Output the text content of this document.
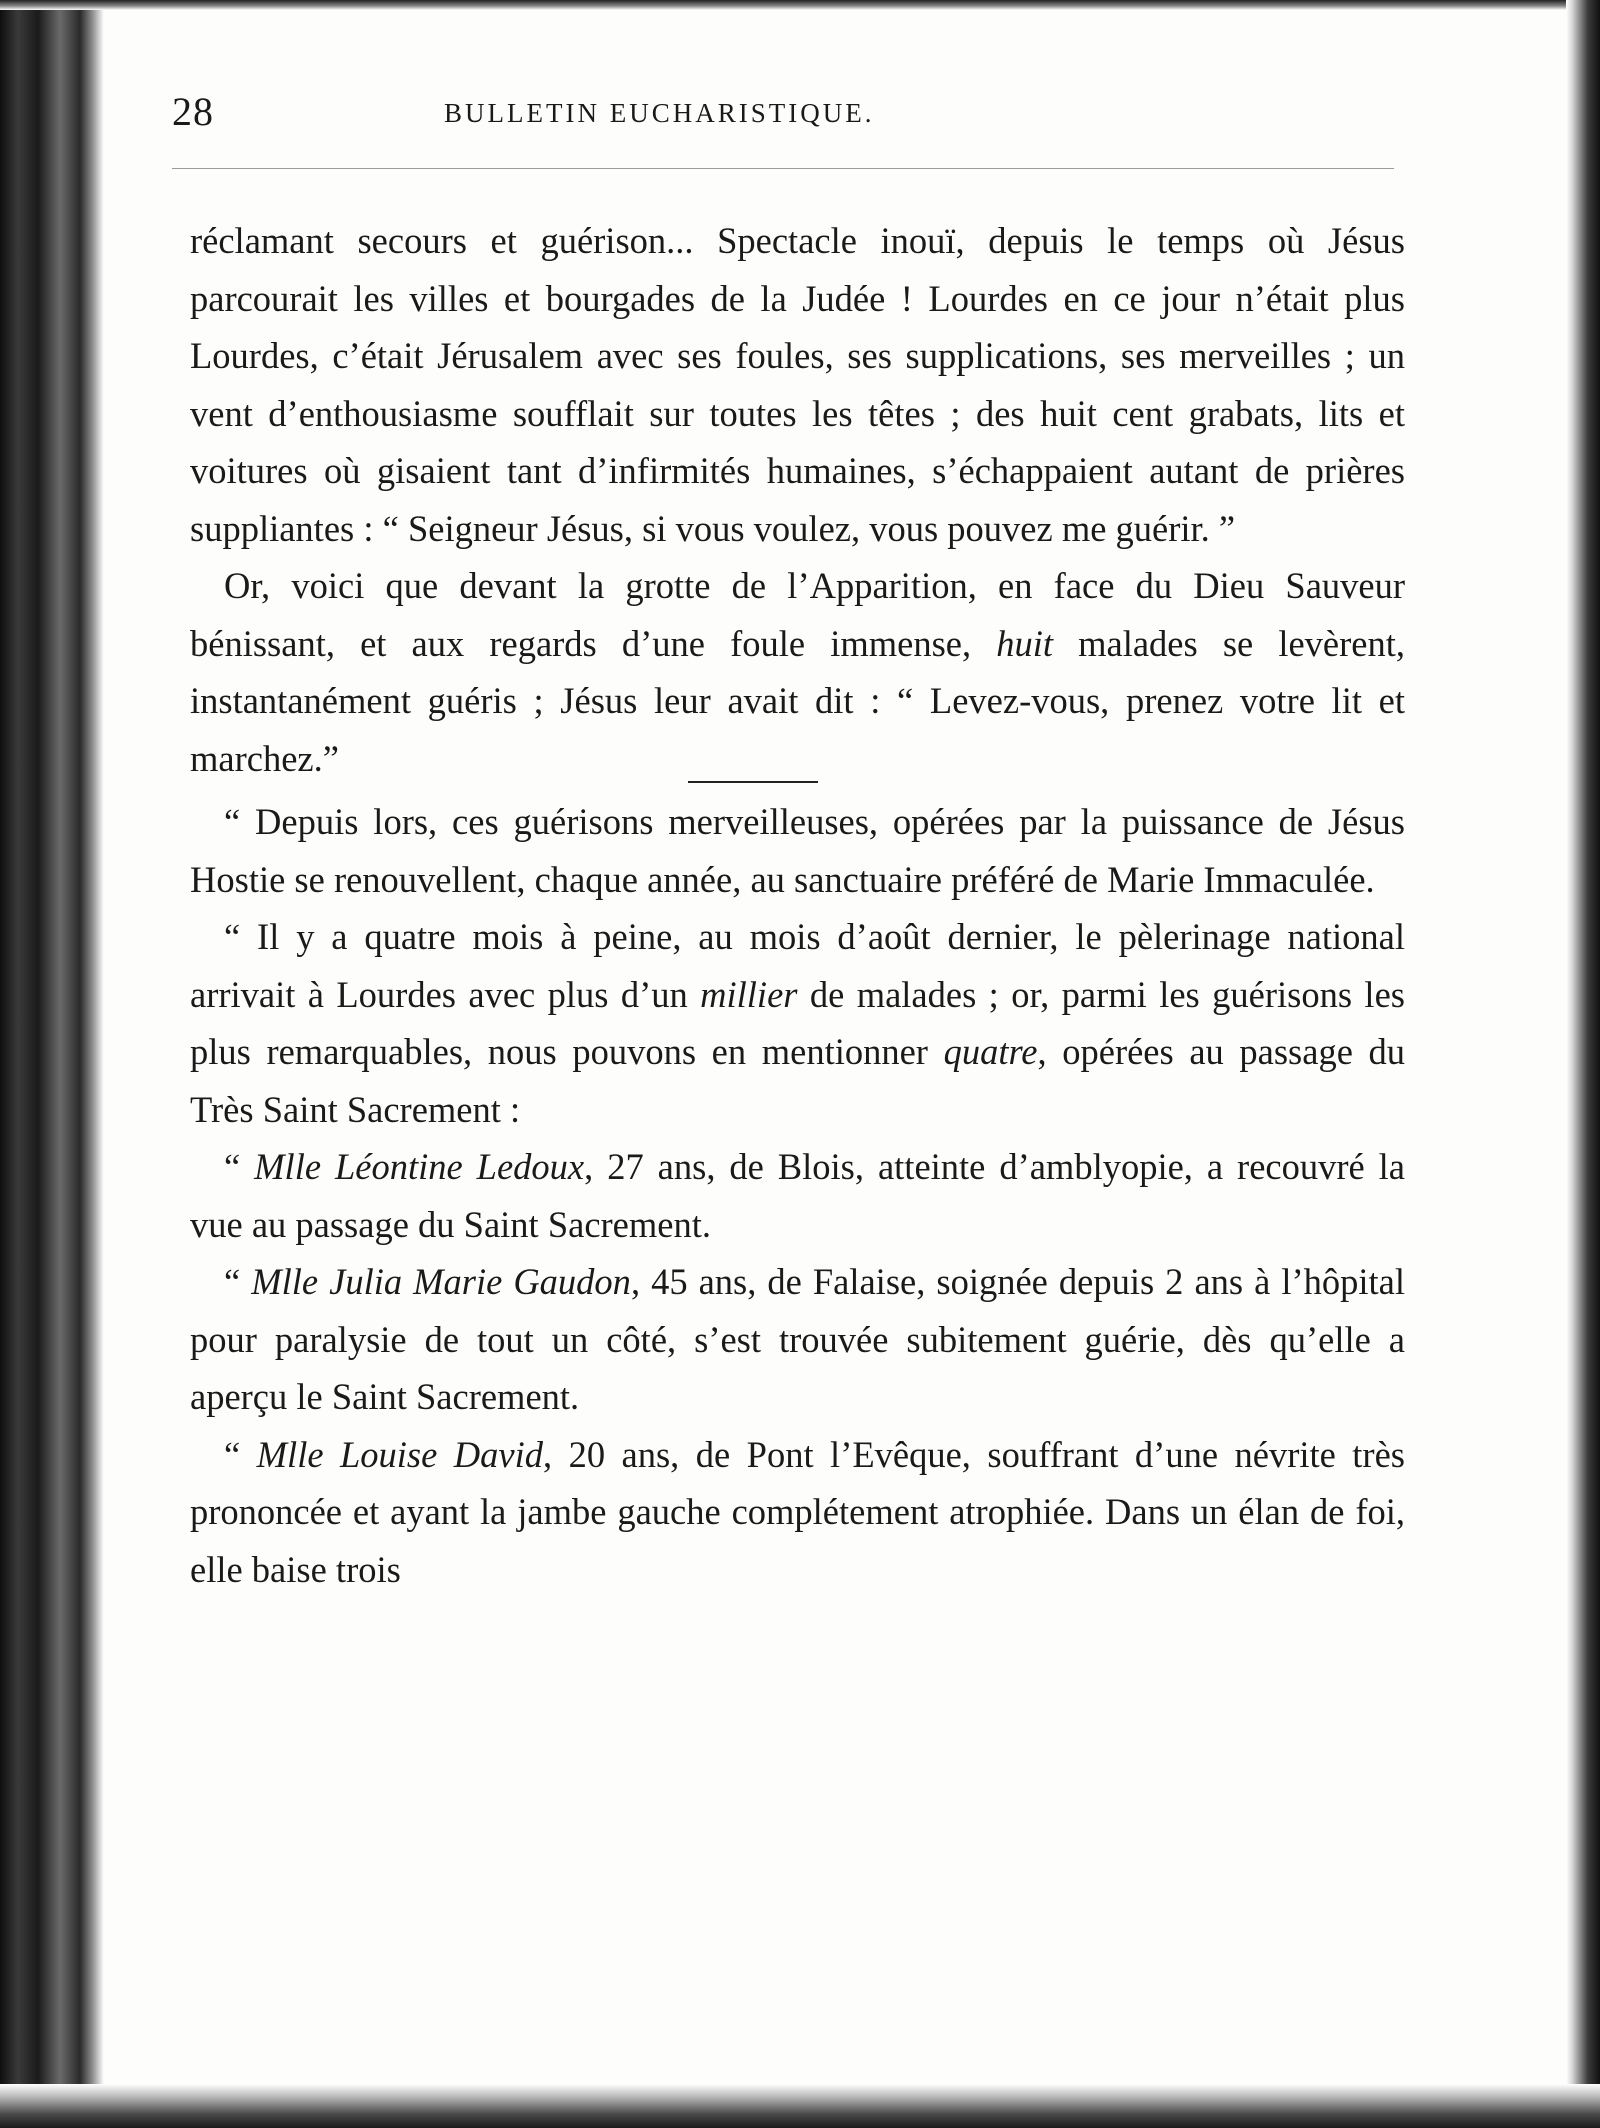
28	BULLETIN EUCHARISTIQUE.

réclamant secours et guérison... Spectacle inouï, depuis le temps où Jésus parcourait les villes et bourgades de la Judée ! Lourdes en ce jour n’était plus Lourdes, c’était Jérusalem avec ses foules, ses supplications, ses merveilles ; un vent d’enthousiasme soufflait sur toutes les têtes ; des huit cent grabats, lits et voitures où gisaient tant d’infirmités humaines, s’échappaient autant de prières suppliantes : “ Seigneur Jésus, si vous voulez, vous pouvez me guérir. ”

Or, voici que devant la grotte de l’Apparition, en face du Dieu Sauveur bénissant, et aux regards d’une foule immense, huit malades se levèrent, instantanément guéris ; Jésus leur avait dit : “ Levez-vous, prenez votre lit et marchez.”

“ Depuis lors, ces guérisons merveilleuses, opérées par la puissance de Jésus Hostie se renouvellent, chaque année, au sanctuaire préféré de Marie Immaculée.

“ Il y a quatre mois à peine, au mois d’août dernier, le pèlerinage national arrivait à Lourdes avec plus d’un millier de malades ; or, parmi les guérisons les plus remarquables, nous pouvons en mentionner quatre, opérées au passage du Très Saint Sacrement :

“ Mlle Léontine Ledoux, 27 ans, de Blois, atteinte d’amblyopie, a recouvré la vue au passage du Saint Sacrement.

“ Mlle Julia Marie Gaudon, 45 ans, de Falaise, soignée depuis 2 ans à l’hôpital pour paralysie de tout un côté, s’est trouvée subitement guérie, dès qu’elle a aperçu le Saint Sacrement.

“ Mlle Louise David, 20 ans, de Pont l’Evêque, souffrant d’une névrite très prononcée et ayant la jambe gauche complétement atrophiée. Dans un élan de foi, elle baise trois
